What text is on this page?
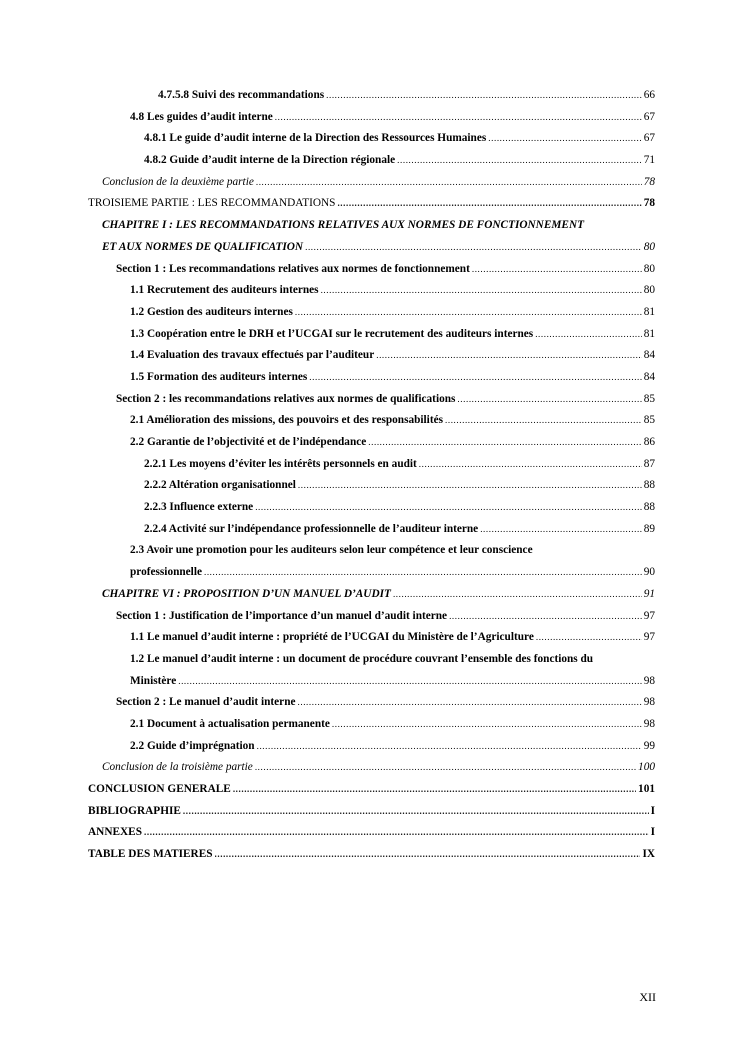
4.7.5.8 Suivi des recommandations .....	66
4.8 Les guides d’audit interne .....	67
4.8.1 Le guide d’audit interne de la Direction des Ressources Humaines .....	67
4.8.2 Guide d’audit interne de la Direction régionale .....	71
Conclusion de la deuxième partie .....	78
TROISIEME PARTIE : LES RECOMMANDATIONS .....	78
CHAPITRE I : LES RECOMMANDATIONS RELATIVES AUX NORMES DE FONCTIONNEMENT
ET AUX NORMES DE QUALIFICATION .....	80
Section 1 : Les recommandations relatives aux normes de fonctionnement .....	80
1.1 Recrutement des auditeurs internes .....	80
1.2 Gestion des auditeurs internes .....	81
1.3 Coopération entre le DRH et l’UCGAI sur le recrutement des auditeurs internes .....	81
1.4 Evaluation des travaux effectués par l’auditeur .....	84
1.5 Formation des auditeurs internes .....	84
Section 2 : les recommandations relatives aux normes de qualifications .....	85
2.1 Amélioration des missions, des pouvoirs et des responsabilités .....	85
2.2 Garantie de l’objectivité et de l’indépendance .....	86
2.2.1 Les moyens d’éviter les intérêts personnels en audit .....	87
2.2.2 Altération organisationnel .....	88
2.2.3 Influence externe .....	88
2.2.4 Activité sur l’indépendance professionnelle de l’auditeur interne .....	89
2.3 Avoir une promotion pour les auditeurs selon leur compétence et leur conscience
professionnelle .....	90
CHAPITRE VI : PROPOSITION D’UN MANUEL D’AUDIT .....	91
Section 1 : Justification de l’importance d’un manuel d’audit interne .....	97
1.1 Le manuel d’audit interne : propriété de l’UCGAI du Ministère de l’Agriculture .....	97
1.2 Le manuel d’audit interne : un document de procédure couvrant l’ensemble des fonctions du
Ministère .....	98
Section 2 : Le manuel d’audit interne .....	98
2.1 Document à actualisation permanente .....	98
2.2 Guide d’imprégnation .....	99
Conclusion de la troisième partie .....	100
CONCLUSION GENERALE .....	101
BIBLIOGRAPHIE .....	I
ANNEXES .....	I
TABLE DES MATIERES .....	IX
XII
